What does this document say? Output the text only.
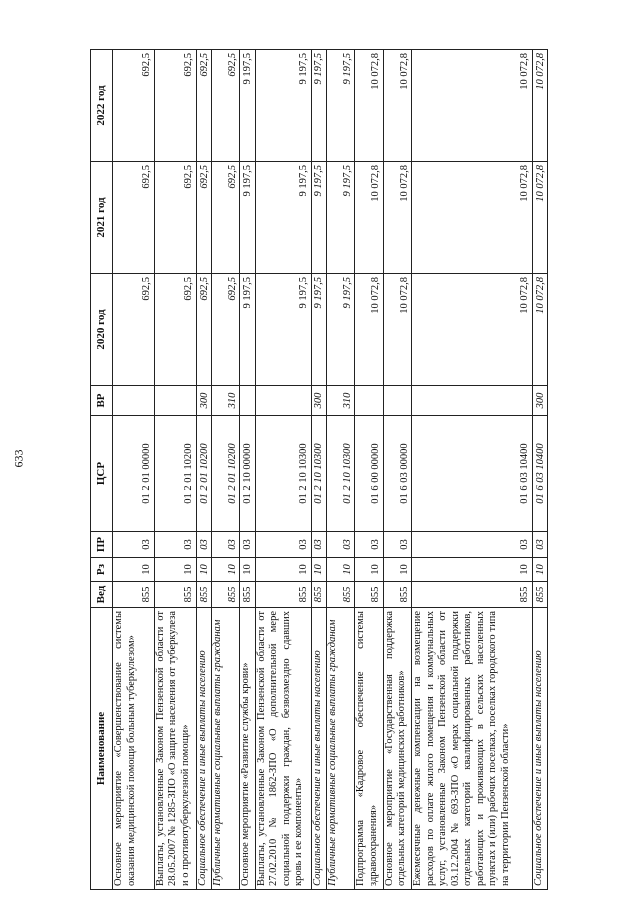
633
Наименование	Вед	Рз	ПР	ЦСР	ВР	2020 год	2021 год	2022 год
Основное мероприятие «Совершенствование системы оказания медицинской помощи больным туберкулезом»	855	10	03	01 2 01 00000		692,5	692,5	692,5
Выплаты, установленные Законом Пензенской области от 28.05.2007 № 1285-ЗПО «О защите населения от туберкулеза и о противотуберкулезной помощи»	855	10	03	01 2 01 10200		692,5	692,5	692,5
Социальное обеспечение и иные выплаты населению	855	10	03	01 2 01 10200	300	692,5	692,5	692,5
Публичные нормативные социальные выплаты гражданам	855	10	03	01 2 01 10200	310	692,5	692,5	692,5
Основное мероприятие «Развитие службы крови»	855	10	03	01 2 10 00000		9 197,5	9 197,5	9 197,5
Выплаты, установленные Законом Пензенской области от 27.02.2010 № 1862-ЗПО «О дополнительной мере социальной поддержки граждан, безвозмездно сдавших кровь и ее компоненты»	855	10	03	01 2 10 10300		9 197,5	9 197,5	9 197,5
Социальное обеспечение и иные выплаты населению	855	10	03	01 2 10 10300	300	9 197,5	9 197,5	9 197,5
Публичные нормативные социальные выплаты гражданам	855	10	03	01 2 10 10300	310	9 197,5	9 197,5	9 197,5
Подпрограмма «Кадровое обеспечение системы здравоохранения»	855	10	03	01 6 00 00000		10 072,8	10 072,8	10 072,8
Основное мероприятие «Государственная поддержка отдельных категорий медицинских работников»	855	10	03	01 6 03 00000		10 072,8	10 072,8	10 072,8
Ежемесячные денежные компенсации на возмещение расходов по оплате жилого помещения и коммунальных услуг, установленные Законом Пензенской области от 03.12.2004 № 693-ЗПО «О мерах социальной поддержки отдельных категорий квалифицированных работников, работающих и проживающих в сельских населенных пунктах и (или) рабочих поселках, поселках городского типа на территории Пензенской области»	855	10	03	01 6 03 10400		10 072,8	10 072,8	10 072,8
Социальное обеспечение и иные выплаты населению	855	10	03	01 6 03 10400	300	10 072,8	10 072,8	10 072,8
